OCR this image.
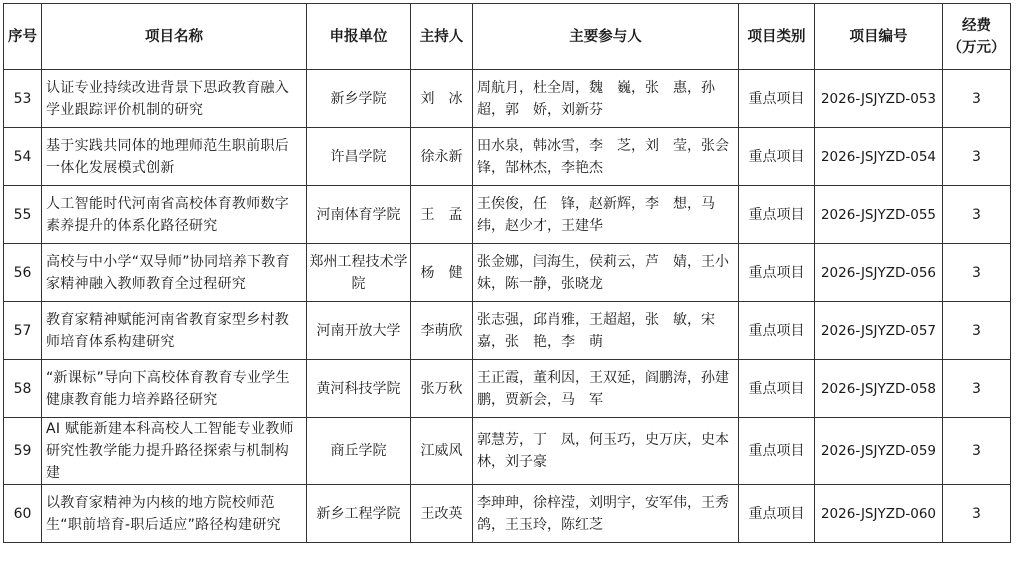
序号	项目名称	申报单位	主持人	主要参与人	项目类别	项目编号	经费
（万元）

53	认证专业持续改进背景下思政教育融入学业跟踪评价机制的研究	新乡学院	刘　冰	周航月，杜全周，魏　巍，张　惠，孙　超，郭　娇，刘新芬	重点项目	2026-JSJYZD-053	3
54	基于实践共同体的地理师范生职前职后一体化发展模式创新	许昌学院	徐永新	田水泉，韩冰雪，李　芝，刘　莹，张会锋，郜林杰，李艳杰	重点项目	2026-JSJYZD-054	3
55	人工智能时代河南省高校体育教师数字素养提升的体系化路径研究	河南体育学院	王　孟	王俟俊，任　锋，赵新辉，李　想，马　纬，赵少才，王建华	重点项目	2026-JSJYZD-055	3
56	高校与中小学“双导师”协同培养下教育家精神融入教师教育全过程研究	郑州工程技术学院	杨　健	张金娜，闫海生，侯莉云，芦　婧，王小妹，陈一静，张晓龙	重点项目	2026-JSJYZD-056	3
57	教育家精神赋能河南省教育家型乡村教师培育体系构建研究	河南开放大学	李萌欣	张志强，邱肖雅，王超超，张　敏，宋　嘉，张　艳，李　萌	重点项目	2026-JSJYZD-057	3
58	“新课标”导向下高校体育教育专业学生健康教育能力培养路径研究	黄河科技学院	张万秋	王正霞，董利因，王双延，阎鹏涛，孙建鹏，贾新会，马　军	重点项目	2026-JSJYZD-058	3
59	AI 赋能新建本科高校人工智能专业教师研究性教学能力提升路径探索与机制构建	商丘学院	江威风	郭慧芳，丁　凤，何玉巧，史万庆，史本林，刘子豪	重点项目	2026-JSJYZD-059	3
60	以教育家精神为内核的地方院校师范生“职前培育-职后适应”路径构建研究	新乡工程学院	王改英	李珅珅，徐梓滢，刘明宇，安军伟，王秀鸽，王玉玲，陈红芝	重点项目	2026-JSJYZD-060	3
